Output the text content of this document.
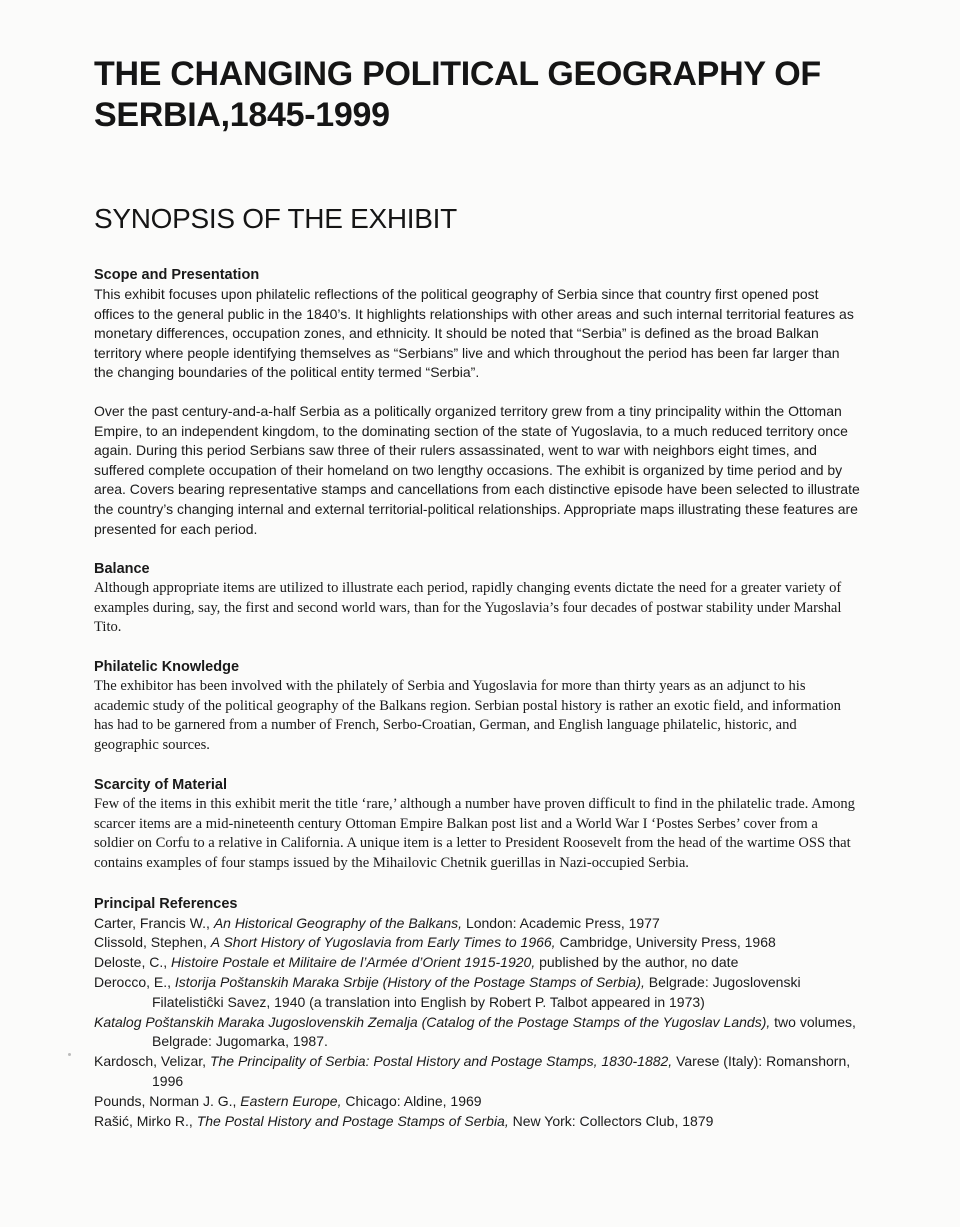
THE CHANGING POLITICAL GEOGRAPHY OF
SERBIA,1845-1999
SYNOPSIS OF THE EXHIBIT
Scope and Presentation

This exhibit focuses upon philatelic reflections of the political geography of Serbia since that country first opened post offices to the general public in the 1840’s. It highlights relationships with other areas and such internal territorial features as monetary differences, occupation zones, and ethnicity. It should be noted that “Serbia” is defined as the broad Balkan territory where people identifying themselves as “Serbians” live and which throughout the period has been far larger than the changing boundaries of the political entity termed “Serbia”.

Over the past century-and-a-half Serbia as a politically organized territory grew from a tiny principality within the Ottoman Empire, to an independent kingdom, to the dominating section of the state of Yugoslavia, to a much reduced territory once again. During this period Serbians saw three of their rulers assassinated, went to war with neighbors eight times, and suffered complete occupation of their homeland on two lengthy occasions. The exhibit is organized by time period and by area. Covers bearing representative stamps and cancellations from each distinctive episode have been selected to illustrate the country’s changing internal and external territorial-political relationships. Appropriate maps illustrating these features are presented for each period.

Balance

Although appropriate items are utilized to illustrate each period, rapidly changing events dictate the need for a greater variety of examples during, say, the first and second world wars, than for the Yugoslavia’s four decades of postwar stability under Marshal Tito.

Philatelic Knowledge

The exhibitor has been involved with the philately of Serbia and Yugoslavia for more than thirty years as an adjunct to his academic study of the political geography of the Balkans region. Serbian postal history is rather an exotic field, and information has had to be garnered from a number of French, Serbo-Croatian, German, and English language philatelic, historic, and geographic sources.

Scarcity of Material

Few of the items in this exhibit merit the title ‘rare,’ although a number have proven difficult to find in the philatelic trade. Among scarcer items are a mid-nineteenth century Ottoman Empire Balkan post list and a World War I ‘Postes Serbes’ cover from a soldier on Corfu to a relative in California. A unique item is a letter to President Roosevelt from the head of the wartime OSS that contains examples of four stamps issued by the Mihailovic Chetnik guerillas in Nazi-occupied Serbia.

Principal References
Carter, Francis W., An Historical Geography of the Balkans, London: Academic Press, 1977
Clissold, Stephen, A Short History of Yugoslavia from Early Times to 1966, Cambridge, University Press, 1968
Deloste, C., Histoire Postale et Militaire de l’Armée d’Orient 1915-1920, published by the author, no date
Derocco, E., Istorija Poštanskih Maraka Srbije (History of the Postage Stamps of Serbia), Belgrade: Jugoslovenski Filatelistiĉki Savez, 1940 (a translation into English by Robert P. Talbot appeared in 1973)
Katalog Poštanskih Maraka Jugoslovenskih Zemalja (Catalog of the Postage Stamps of the Yugoslav Lands), two volumes, Belgrade: Jugomarka, 1987.
Kardosch, Velizar, The Principality of Serbia: Postal History and Postage Stamps, 1830-1882, Varese (Italy): Romanshorn, 1996
Pounds, Norman J. G., Eastern Europe, Chicago: Aldine, 1969
Rašić, Mirko R., The Postal History and Postage Stamps of Serbia, New York: Collectors Club, 1879
